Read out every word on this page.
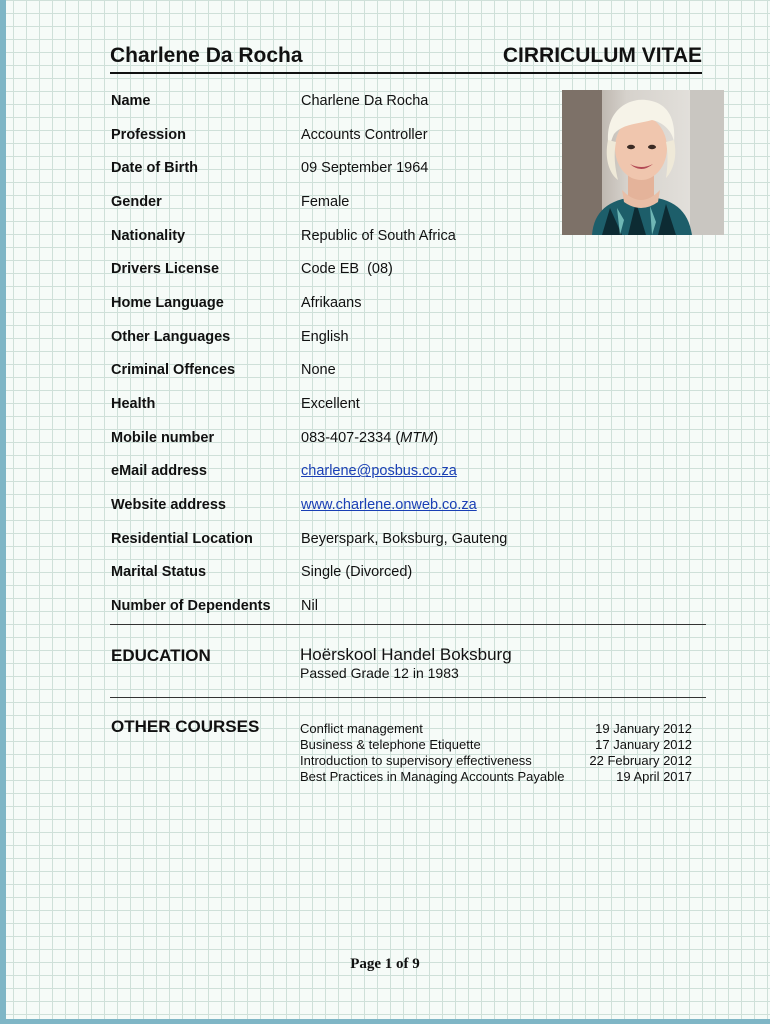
Charlene Da Rocha	CIRRICULUM VITAE
Name	Charlene Da Rocha
Profession	Accounts Controller
Date of Birth	09 September 1964
Gender	Female
Nationality	Republic of South Africa
Drivers License	Code EB  (08)
Home Language	Afrikaans
Other Languages	English
Criminal Offences	None
Health	Excellent
Mobile number	083-407-2334 (MTM)
eMail address	charlene@posbus.co.za
Website address	www.charlene.onweb.co.za
Residential Location	Beyerspark, Boksburg, Gauteng
Marital Status	Single (Divorced)
Number of Dependents	Nil
EDUCATION	Hoërskool Handel Boksburg
Passed Grade 12 in 1983
OTHER COURSES	Conflict management	19 January 2012
Business & telephone Etiquette	17 January 2012
Introduction to supervisory effectiveness	22 February 2012
Best Practices in Managing Accounts Payable	19 April 2017
Page 1 of 9
